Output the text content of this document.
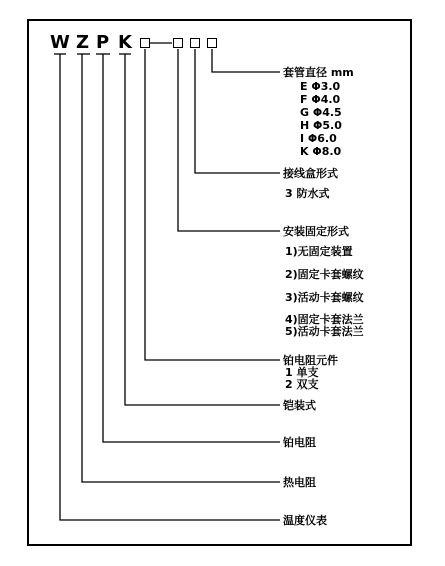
W Z P K
套管直径 mm
E Φ3.0
F Φ4.0
G Φ4.5
H Φ5.0
I Φ6.0
K Φ8.0
接线盒形式
3 防水式
安装固定形式
1)无固定装置
2)固定卡套螺纹
3)活动卡套螺纹
4)固定卡套法兰
5)活动卡套法兰
铂电阻元件
1 单支
2 双支
铠装式
铂电阻
热电阻
温度仪表
